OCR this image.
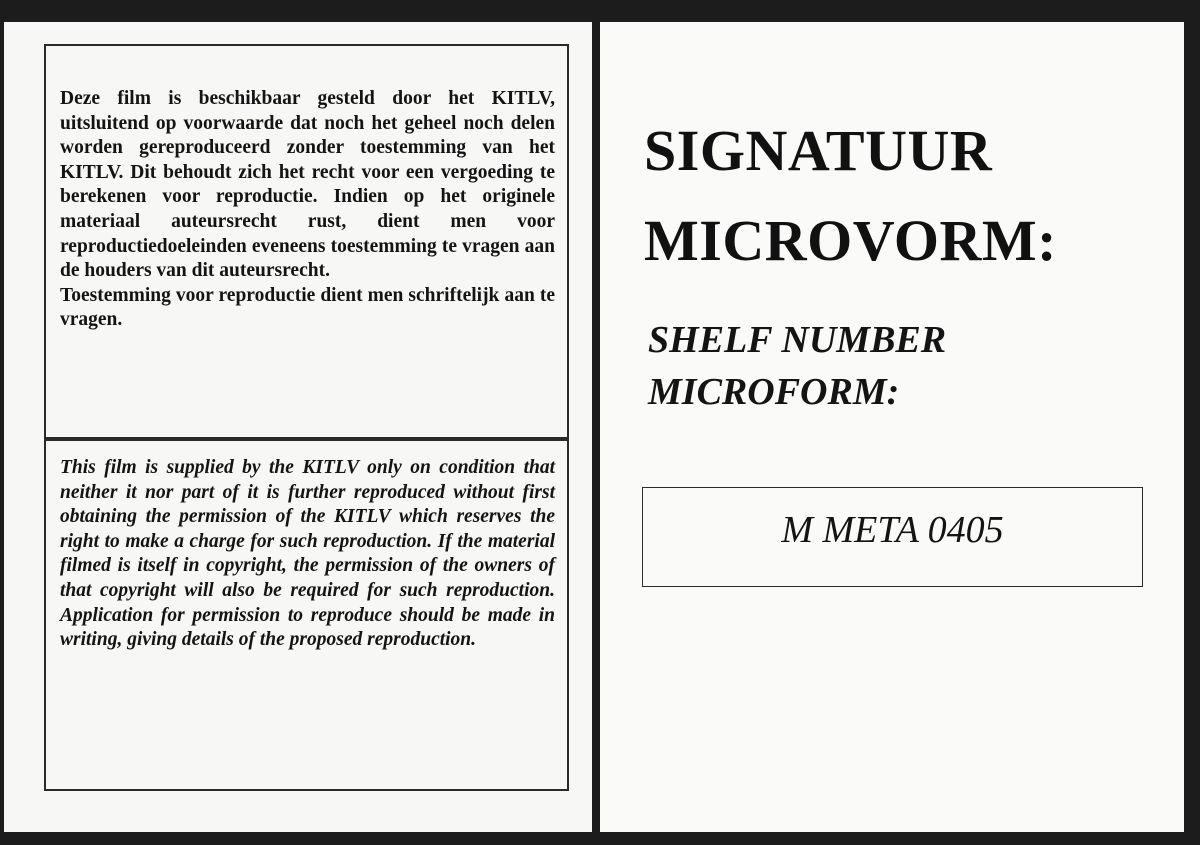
Deze film is beschikbaar gesteld door het KITLV, uitsluitend op voorwaarde dat noch het geheel noch delen worden gereproduceerd zonder toestemming van het KITLV. Dit behoudt zich het recht voor een vergoeding te berekenen voor reproductie. Indien op het originele materiaal auteursrecht rust, dient men voor reproductiedoeleinden eveneens toestemming te vragen aan de houders van dit auteursrecht.

Toestemming voor reproductie dient men schriftelijk aan te vragen.

This film is supplied by the KITLV only on condition that neither it nor part of it is further reproduced without first obtaining the permission of the KITLV which reserves the right to make a charge for such reproduction. If the material filmed is itself in copyright, the permission of the owners of that copyright will also be required for such reproduction. Application for permission to reproduce should be made in writing, giving details of the proposed reproduction.

SIGNATUUR
MICROVORM:
SHELF NUMBER
MICROFORM:
M META 0405
